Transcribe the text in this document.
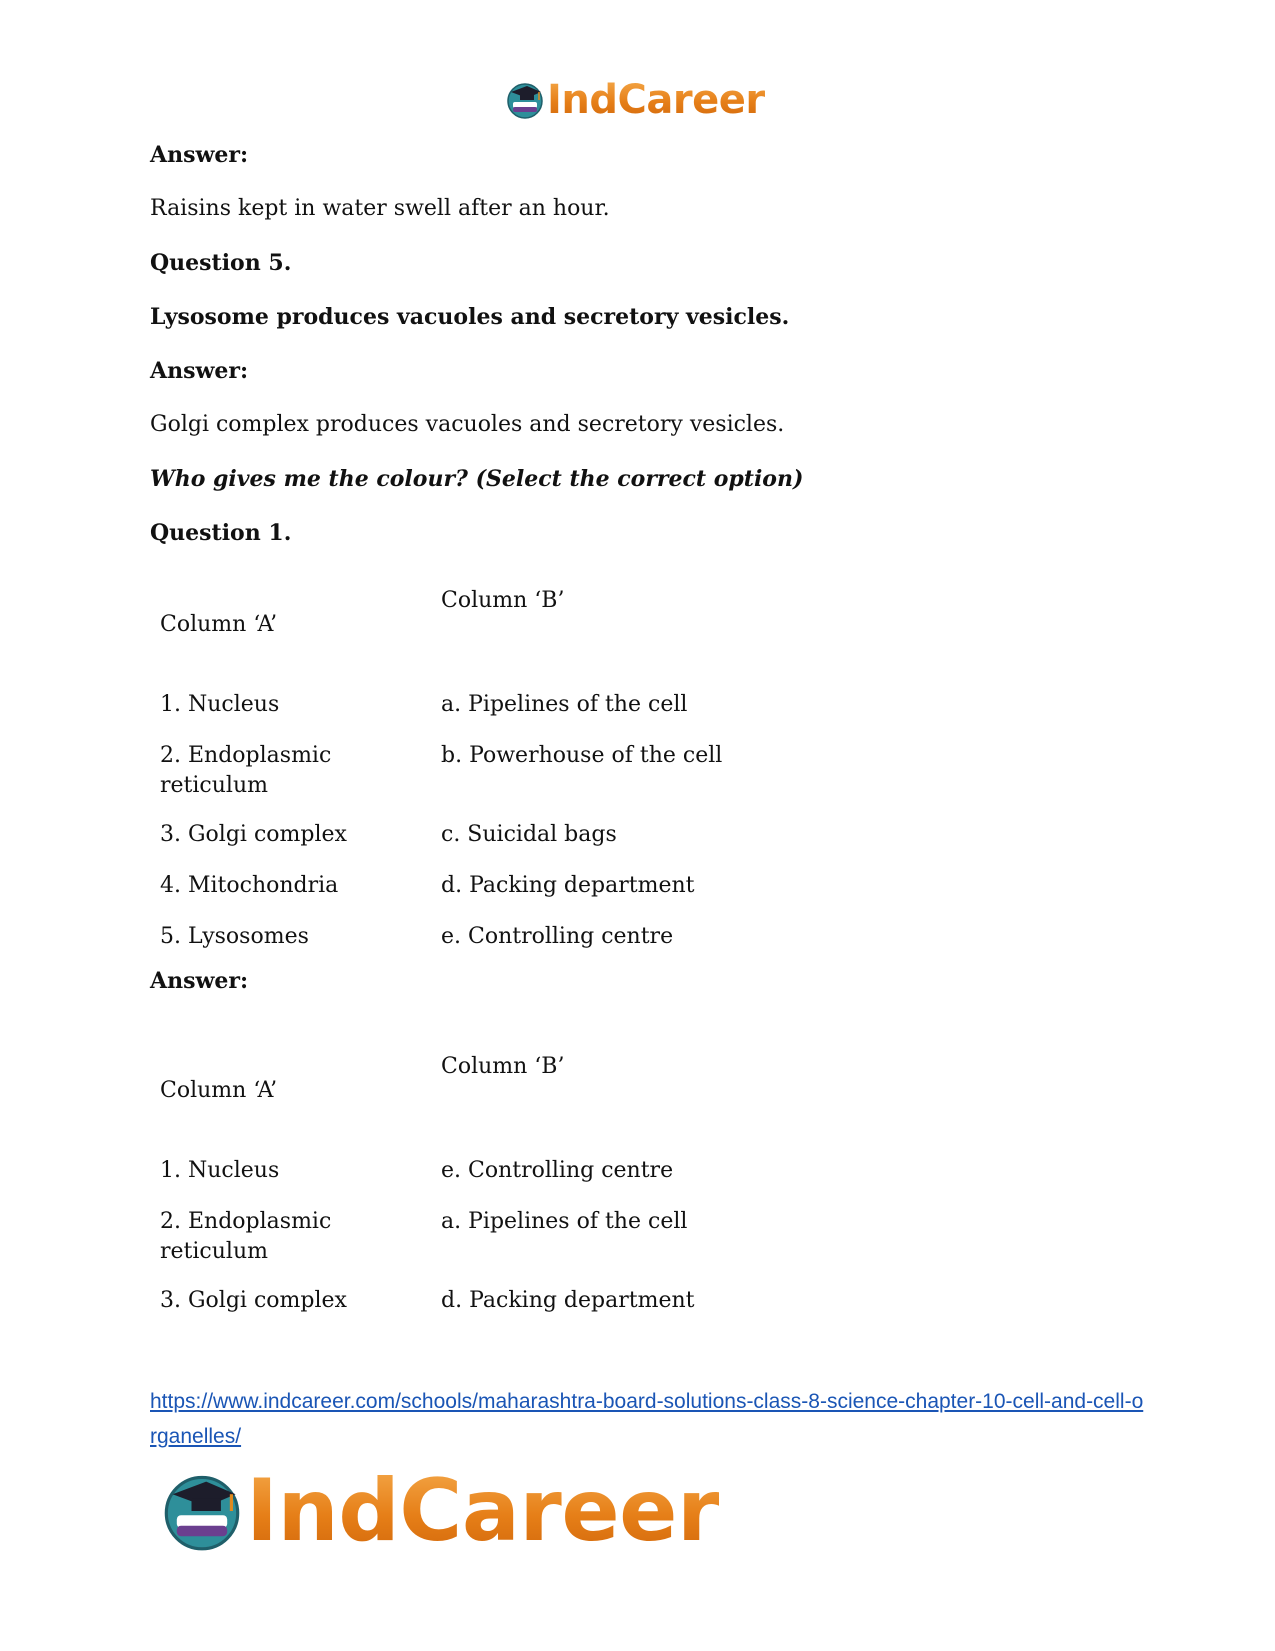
IndCareer

Answer:

Raisins kept in water swell after an hour.

Question 5.

Lysosome produces vacuoles and secretory vesicles.

Answer:

Golgi complex produces vacuoles and secretory vesicles.

Who gives me the colour? (Select the correct option)

Question 1.

Column ‘A’	Column ‘B’
1. Nucleus	a. Pipelines of the cell
2. Endoplasmic reticulum	b. Powerhouse of the cell
3. Golgi complex	c. Suicidal bags
4. Mitochondria	d. Packing department
5. Lysosomes	e. Controlling centre

Answer:

Column ‘A’	Column ‘B’
1. Nucleus	e. Controlling centre
2. Endoplasmic reticulum	a. Pipelines of the cell
3. Golgi complex	d. Packing department
https://www.indcareer.com/schools/maharashtra-board-solutions-class-8-science-chapter-10-cell-and-cell-organelles/
IndCareer
